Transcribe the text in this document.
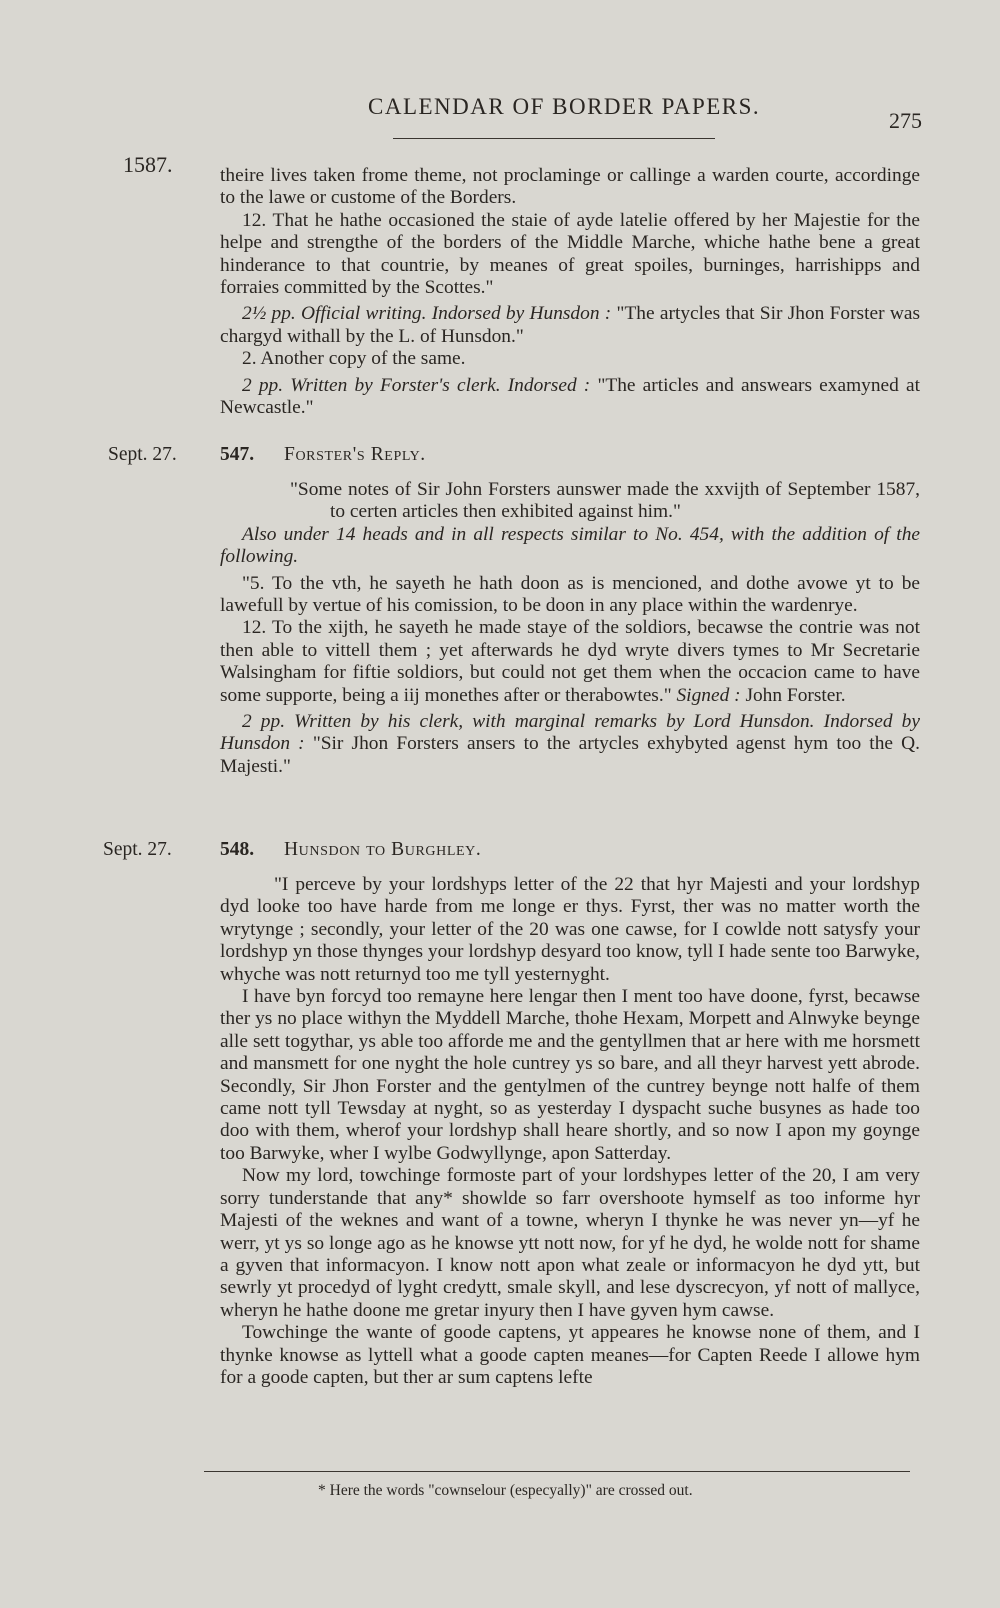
CALENDAR OF BORDER PAPERS.
275
1587. theire lives taken frome theme, not proclaminge or callinge a warden courte, accordinge to the lawe or custome of the Borders.

12. That he hathe occasioned the staie of ayde latelie offered by her Majestie for the helpe and strengthe of the borders of the Middle Marche, whiche hathe bene a great hinderance to that countrie, by meanes of great spoiles, burninges, harrishipps and forraies committed by the Scottes."

2½ pp. Official writing. Indorsed by Hunsdon : "The artycles that Sir Jhon Forster was chargyd withall by the L. of Hunsdon."

2. Another copy of the same.

2 pp. Written by Forster's clerk. Indorsed : "The articles and answears examyned at Newcastle."

Sept. 27. 547. Forster's Reply.

"Some notes of Sir John Forsters aunswer made the xxvijth of September 1587, to certen articles then exhibited against him."

Also under 14 heads and in all respects similar to No. 454, with the addition of the following.

"5. To the vth, he sayeth he hath doon as is mencioned, and dothe avowe yt to be lawefull by vertue of his comission, to be doon in any place within the wardenrye.

12. To the xijth, he sayeth he made staye of the soldiors, becawse the contrie was not then able to vittell them ; yet afterwards he dyd wryte divers tymes to Mr Secretarie Walsingham for fiftie soldiors, but could not get them when the occacion came to have some supporte, being a iij monethes after or therabowtes." Signed : John Forster.

2 pp. Written by his clerk, with marginal remarks by Lord Hunsdon. Indorsed by Hunsdon : "Sir Jhon Forsters ansers to the artycles exhybyted agenst hym too the Q. Majesti."

Sept. 27. 548. Hunsdon to Burghley.

"I perceve by your lordshyps letter of the 22 that hyr Majesti and your lordshyp dyd looke too have harde from me longe er thys. Fyrst, ther was no matter worth the wrytynge ; secondly, your letter of the 20 was one cawse, for I cowlde nott satysfy your lordshyp yn those thynges your lordshyp desyard too know, tyll I hade sente too Barwyke, whyche was nott returnyd too me tyll yesternyght.

I have byn forcyd too remayne here lengar then I ment too have doone, fyrst, becawse ther ys no place withyn the Myddell Marche, thohe Hexam, Morpett and Alnwyke beynge alle sett togythar, ys able too afforde me and the gentyllmen that ar here with me horsmett and mansmett for one nyght the hole cuntrey ys so bare, and all theyr harvest yett abrode. Secondly, Sir Jhon Forster and the gentylmen of the cuntrey beynge nott halfe of them came nott tyll Tewsday at nyght, so as yesterday I dyspacht suche busynes as hade too doo with them, wherof your lordshyp shall heare shortly, and so now I apon my goynge too Barwyke, wher I wylbe Godwyllynge, apon Satterday.

Now my lord, towchinge formoste part of your lordshypes letter of the 20, I am very sorry tunderstande that any* showlde so farr overshoote hymself as too informe hyr Majesti of the weknes and want of a towne, wheryn I thynke he was never yn—yf he werr, yt ys so longe ago as he knowse ytt nott now, for yf he dyd, he wolde nott for shame a gyven that informacyon. I know nott apon what zeale or informacyon he dyd ytt, but sewrly yt procedyd of lyght credytt, smale skyll, and lese dyscrecyon, yf nott of mallyce, wheryn he hathe doone me gretar inyury then I have gyven hym cawse.

Towchinge the wante of goode captens, yt appeares he knowse none of them, and I thynke knowse as lyttell what a goode capten meanes—for Capten Reede I allowe hym for a goode capten, but ther ar sum captens lefte

* Here the words "cownselour (especyally)" are crossed out.
